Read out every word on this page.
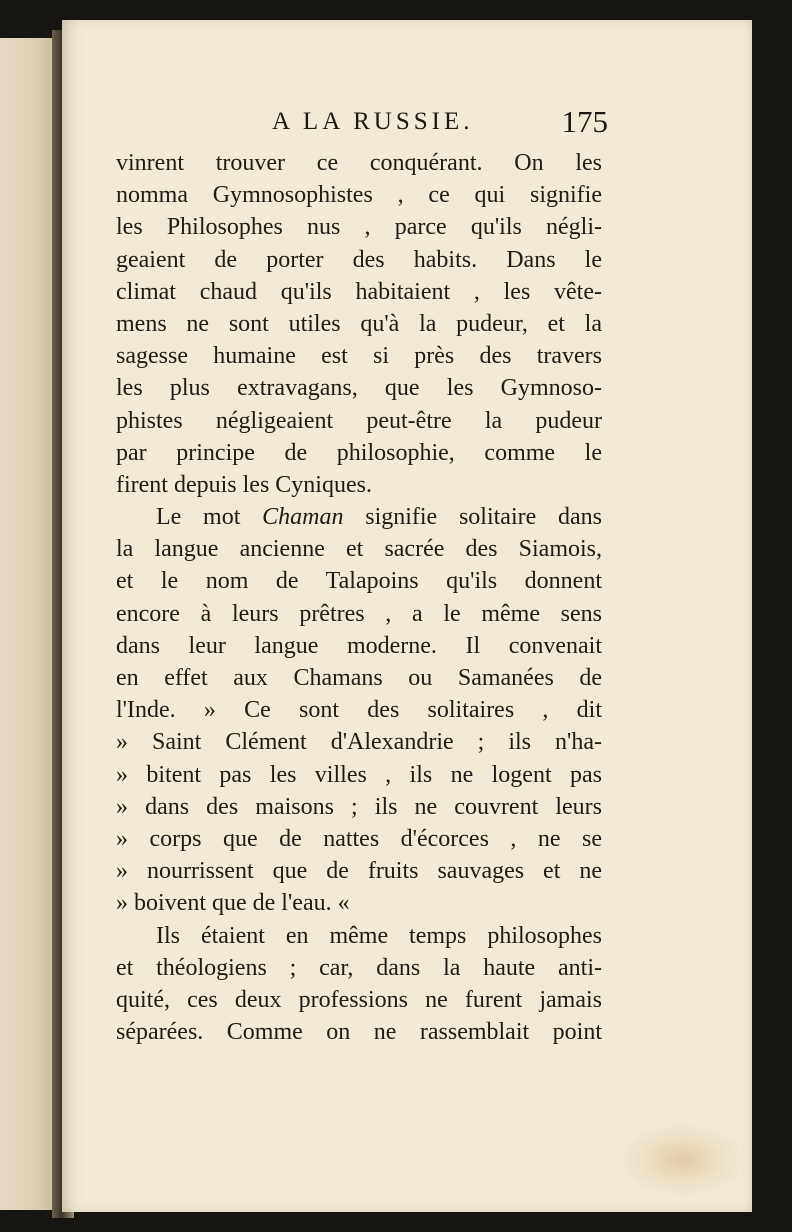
A LA RUSSIE.	175
vinrent trouver ce conquérant. On les
nomma Gymnosophistes , ce qui signifie
les Philosophes nus , parce qu'ils négli-
geaient de porter des habits. Dans le
climat chaud qu'ils habitaient , les vête-
mens ne sont utiles qu'à la pudeur, et la
sagesse humaine est si près des travers
les plus extravagans, que les Gymnoso-
phistes négligeaient peut-être la pudeur
par principe de philosophie, comme le
firent depuis les Cyniques.
Le mot Chaman signifie solitaire dans
la langue ancienne et sacrée des Siamois,
et le nom de Talapoins qu'ils donnent
encore à leurs prêtres , a le même sens
dans leur langue moderne. Il convenait
en effet aux Chamans ou Samanées de
l'Inde. » Ce sont des solitaires , dit
» Saint Clément d'Alexandrie ; ils n'ha-
» bitent pas les villes , ils ne logent pas
» dans des maisons ; ils ne couvrent leurs
» corps que de nattes d'écorces , ne se
» nourrissent que de fruits sauvages et ne
» boivent que de l'eau. «
Ils étaient en même temps philosophes
et théologiens ; car, dans la haute anti-
quité, ces deux professions ne furent jamais
séparées. Comme on ne rassemblait point
